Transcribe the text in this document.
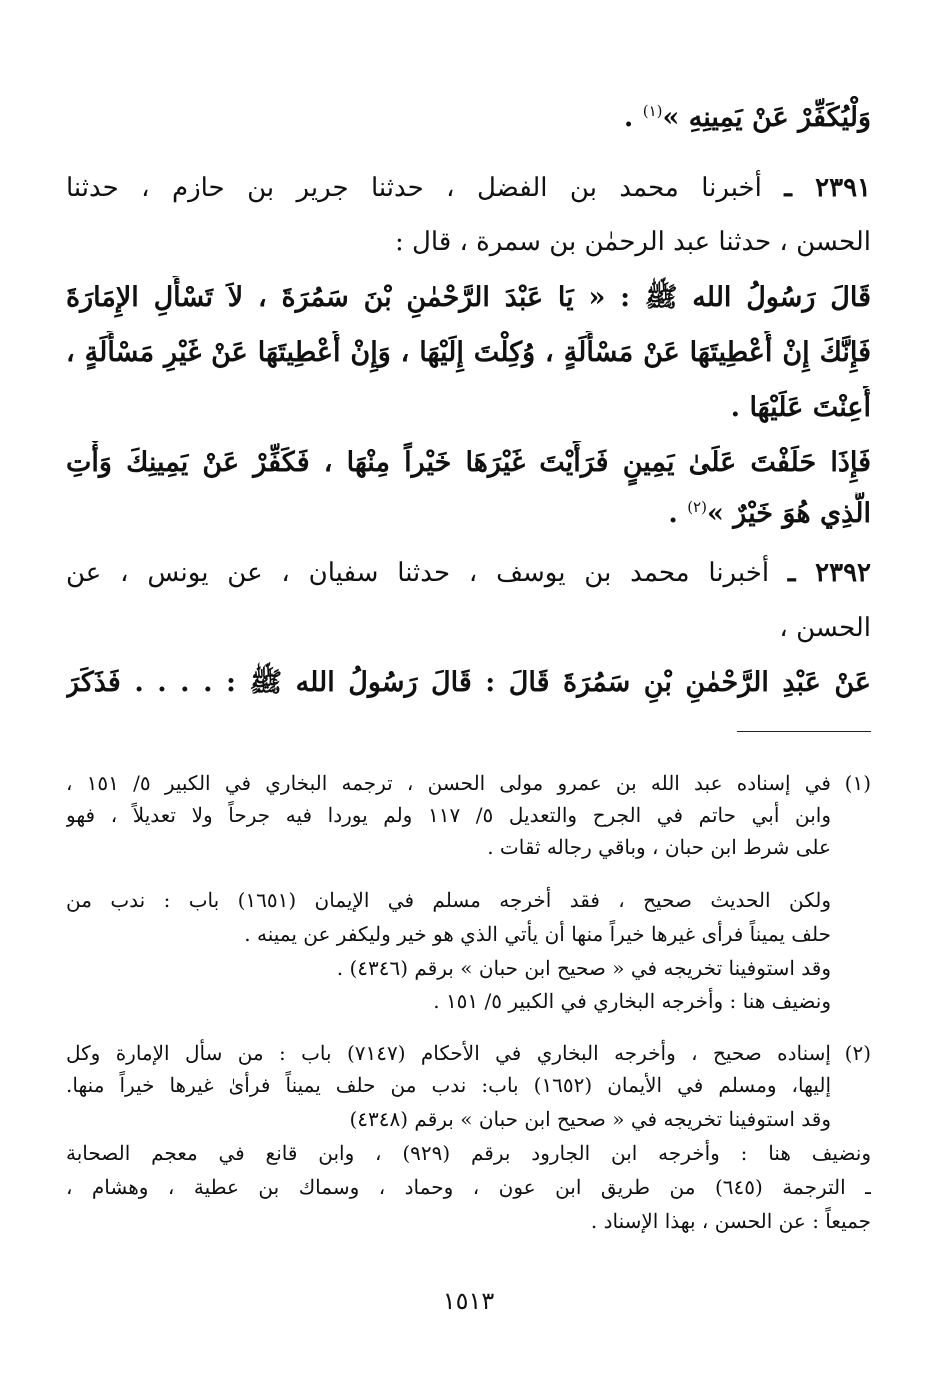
وَلْيُكَفِّرْ عَنْ يَمِينِهِ »$^{(١)}$ .
٢٣٩١ ـ أخبرنا محمد بن الفضل ، حدثنا جرير بن حازم ، حدثنا
الحسن ، حدثنا عبد الرحمٰن بن سمرة ، قال :
قَالَ رَسُولُ الله ﷺ : « يَا عَبْدَ الرَّحْمٰنِ بْنَ سَمُرَةَ ، لاَ تَسْأَلِ الإِمَارَةَ
فَإِنَّكَ إِنْ أُعْطِيتَهَا عَنْ مَسْأَلَةٍ ، وُكِلْتَ إِلَيْهَا ، وَإِنْ أُعْطِيتَهَا عَنْ غَيْرِ مَسْأَلَةٍ ،
أُعِنْتَ عَلَيْهَا .
فَإِذَا حَلَفْتَ عَلَىٰ يَمِينٍ فَرَأَيْتَ غَيْرَهَا خَيْراً مِنْهَا ، فَكَفِّرْ عَنْ يَمِينِكَ وَأْتِ
الَّذِي هُوَ خَيْرٌ »$^{(٢)}$ .
٢٣٩٢ ـ أخبرنا محمد بن يوسف ، حدثنا سفيان ، عن يونس ، عن
الحسن ،
عَنْ عَبْدِ الرَّحْمٰنِ بْنِ سَمُرَةَ قَالَ : قَالَ رَسُولُ الله ﷺ : . . . . فَذَكَرَ
(١)
في إسناده عبد الله بن عمرو مولى الحسن ، ترجمه البخاري في الكبير ٥/ ١٥١ ،
وابن أبي حاتم في الجرح والتعديل ٥/ ١١٧ ولم يوردا فيه جرحاً ولا تعديلاً ، فهو
على شرط ابن حبان ، وباقي رجاله ثقات .
ولكن الحديث صحيح ، فقد أخرجه مسلم في الإيمان (١٦٥١) باب : ندب من
حلف يميناً فرأى غيرها خيراً منها أن يأتي الذي هو خير وليكفر عن يمينه .
وقد استوفينا تخريجه في « صحيح ابن حبان » برقم (٤٣٤٦) .
ونضيف هنا : وأخرجه البخاري في الكبير ٥/ ١٥١ .
(٢)
إسناده صحيح ، وأخرجه البخاري في الأحكام (٧١٤٧) باب : من سأل الإمارة وكل
إليها، ومسلم في الأيمان (١٦٥٢) باب: ندب من حلف يميناً فرأىٰ غيرها خيراً منها.
وقد استوفينا تخريجه في « صحيح ابن حبان » برقم (٤٣٤٨)
ونضيف هنا : وأخرجه ابن الجارود برقم (٩٢٩) ، وابن قانع في معجم الصحابة
ـ الترجمة (٦٤٥) من طريق ابن عون ، وحماد ، وسماك بن عطية ، وهشام ،
جميعاً : عن الحسن ، بهذا الإسناد .
١٥١٣
